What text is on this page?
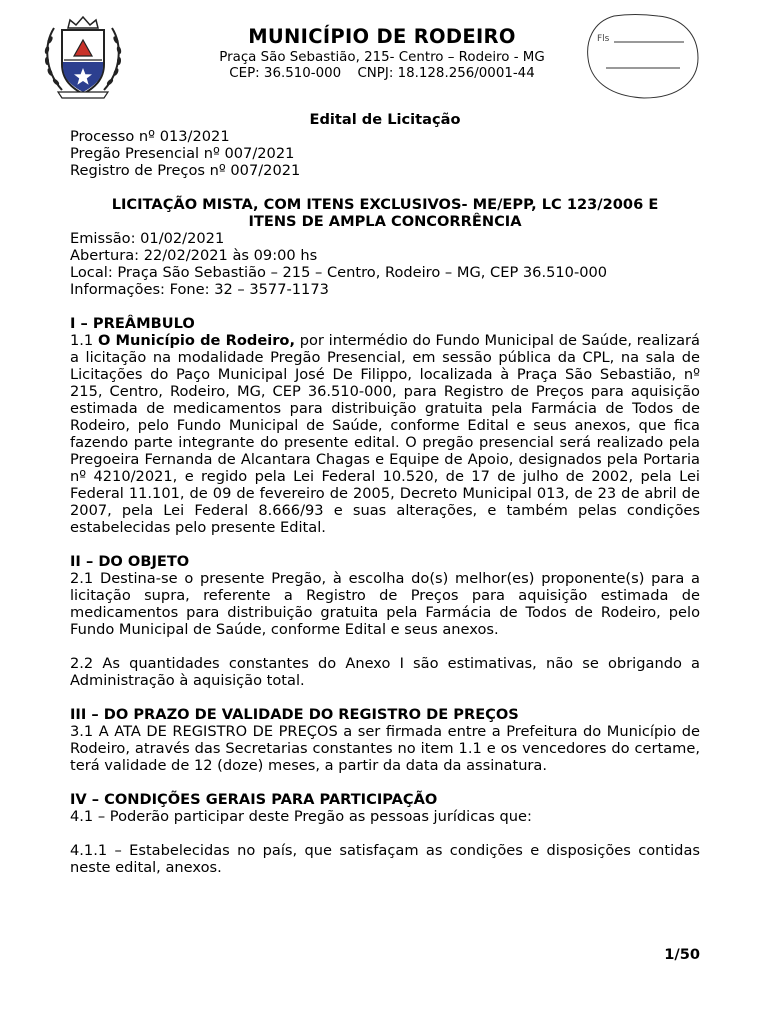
MUNICÍPIO DE RODEIRO
Praça São Sebastião, 215- Centro – Rodeiro - MG
CEP: 36.510-000 CNPJ: 18.128.256/0001-44
Fls

Edital de Licitação

Processo nº 013/2021

Pregão Presencial nº 007/2021

Registro de Preços nº 007/2021

LICITAÇÃO MISTA, COM ITENS EXCLUSIVOS- ME/EPP, LC 123/2006 E

ITENS DE AMPLA CONCORRÊNCIA

Emissão: 01/02/2021

Abertura: 22/02/2021 às 09:00 hs

Local: Praça São Sebastião – 215 – Centro, Rodeiro – MG, CEP 36.510-000

Informações: Fone: 32 – 3577-1173

I – PREÂMBULO

1.1 O Município de Rodeiro, por intermédio do Fundo Municipal de Saúde, realizará a licitação na modalidade Pregão Presencial, em sessão pública da CPL, na sala de Licitações do Paço Municipal José De Filippo, localizada à Praça São Sebastião, nº 215, Centro, Rodeiro, MG, CEP 36.510-000, para Registro de Preços para aquisição estimada de medicamentos para distribuição gratuita pela Farmácia de Todos de Rodeiro, pelo Fundo Municipal de Saúde, conforme Edital e seus anexos, que fica fazendo parte integrante do presente edital. O pregão presencial será realizado pela Pregoeira Fernanda de Alcantara Chagas e Equipe de Apoio, designados pela Portaria nº 4210/2021, e regido pela Lei Federal 10.520, de 17 de julho de 2002, pela Lei Federal 11.101, de 09 de fevereiro de 2005, Decreto Municipal 013, de 23 de abril de 2007, pela Lei Federal 8.666/93 e suas alterações, e também pelas condições estabelecidas pelo presente Edital.

II – DO OBJETO

2.1 Destina-se o presente Pregão, à escolha do(s) melhor(es) proponente(s) para a licitação supra, referente a Registro de Preços para aquisição estimada de medicamentos para distribuição gratuita pela Farmácia de Todos de Rodeiro, pelo Fundo Municipal de Saúde, conforme Edital e seus anexos.

2.2 As quantidades constantes do Anexo I são estimativas, não se obrigando a Administração à aquisição total.

III – DO PRAZO DE VALIDADE DO REGISTRO DE PREÇOS

3.1 A ATA DE REGISTRO DE PREÇOS a ser firmada entre a Prefeitura do Município de Rodeiro, através das Secretarias constantes no item 1.1 e os vencedores do certame, terá validade de 12 (doze) meses, a partir da data da assinatura.

IV – CONDIÇÕES GERAIS PARA PARTICIPAÇÃO

4.1 – Poderão participar deste Pregão as pessoas jurídicas que:

4.1.1 – Estabelecidas no país, que satisfaçam as condições e disposições contidas neste edital, anexos.

1/50
